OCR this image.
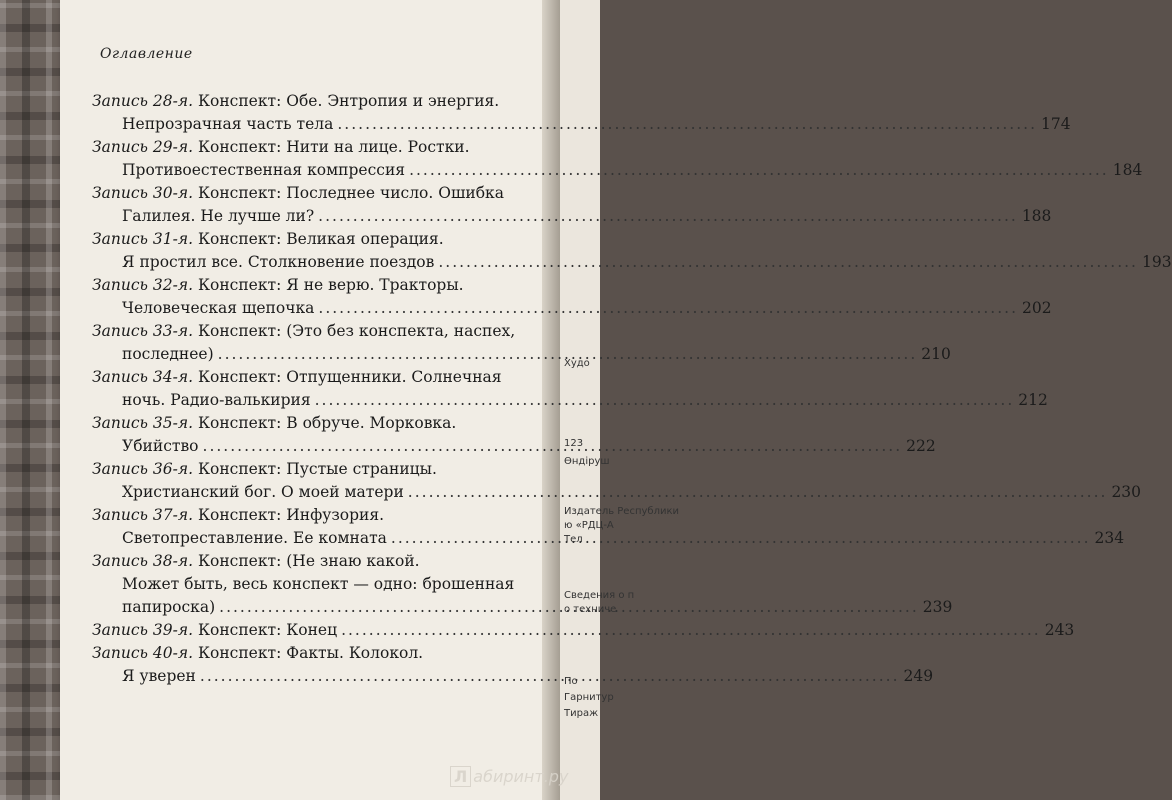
Худо
123
Өндіруш
Издатель Республики
ю «РДЦ-А
Тел
Сведения о п
о техниче
По
Гарнитур
Тираж
Оглавление
Запись 28-я. Конспект: Обе. Энтропия и энергия.
Непрозрачная часть тела .....	174
Запись 29-я. Конспект: Нити на лице. Ростки.
Противоестественная компрессия .....	184
Запись 30-я. Конспект: Последнее число. Ошибка
Галилея. Не лучше ли? .....	188
Запись 31-я. Конспект: Великая операция.
Я простил все. Столкновение поездов .....	193
Запись 32-я. Конспект: Я не верю. Тракторы.
Человеческая щепочка .....	202
Запись 33-я. Конспект: (Это без конспекта, наспех,
последнее) .....	210
Запись 34-я. Конспект: Отпущенники. Солнечная
ночь. Радио-валькирия .....	212
Запись 35-я. Конспект: В обруче. Морковка.
Убийство .....	222
Запись 36-я. Конспект: Пустые страницы.
Христианский бог. О моей матери .....	230
Запись 37-я. Конспект: Инфузория.
Светопреставление. Ее комната .....	234
Запись 38-я. Конспект: (Не знаю какой.
Может быть, весь конспект — одно: брошенная
папироска) .....	239
Запись 39-я. Конспект: Конец .....	243
Запись 40-я. Конспект: Факты. Колокол.
Я уверен .....	249
Л абиринт.ру
